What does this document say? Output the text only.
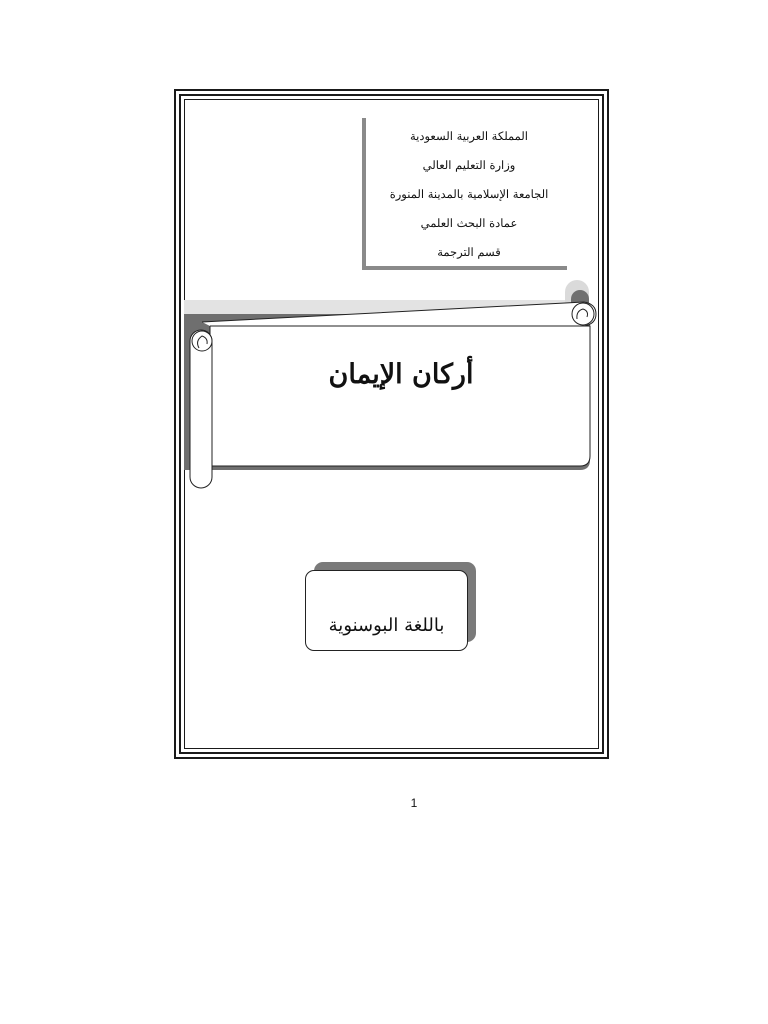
المملكة العربية السعودية
وزارة التعليم العالي
الجامعة الإسلامية بالمدينة المنورة
عمادة البحث العلمي
قسم الترجمة
أركان الإيمان
باللغة البوسنوية
1
